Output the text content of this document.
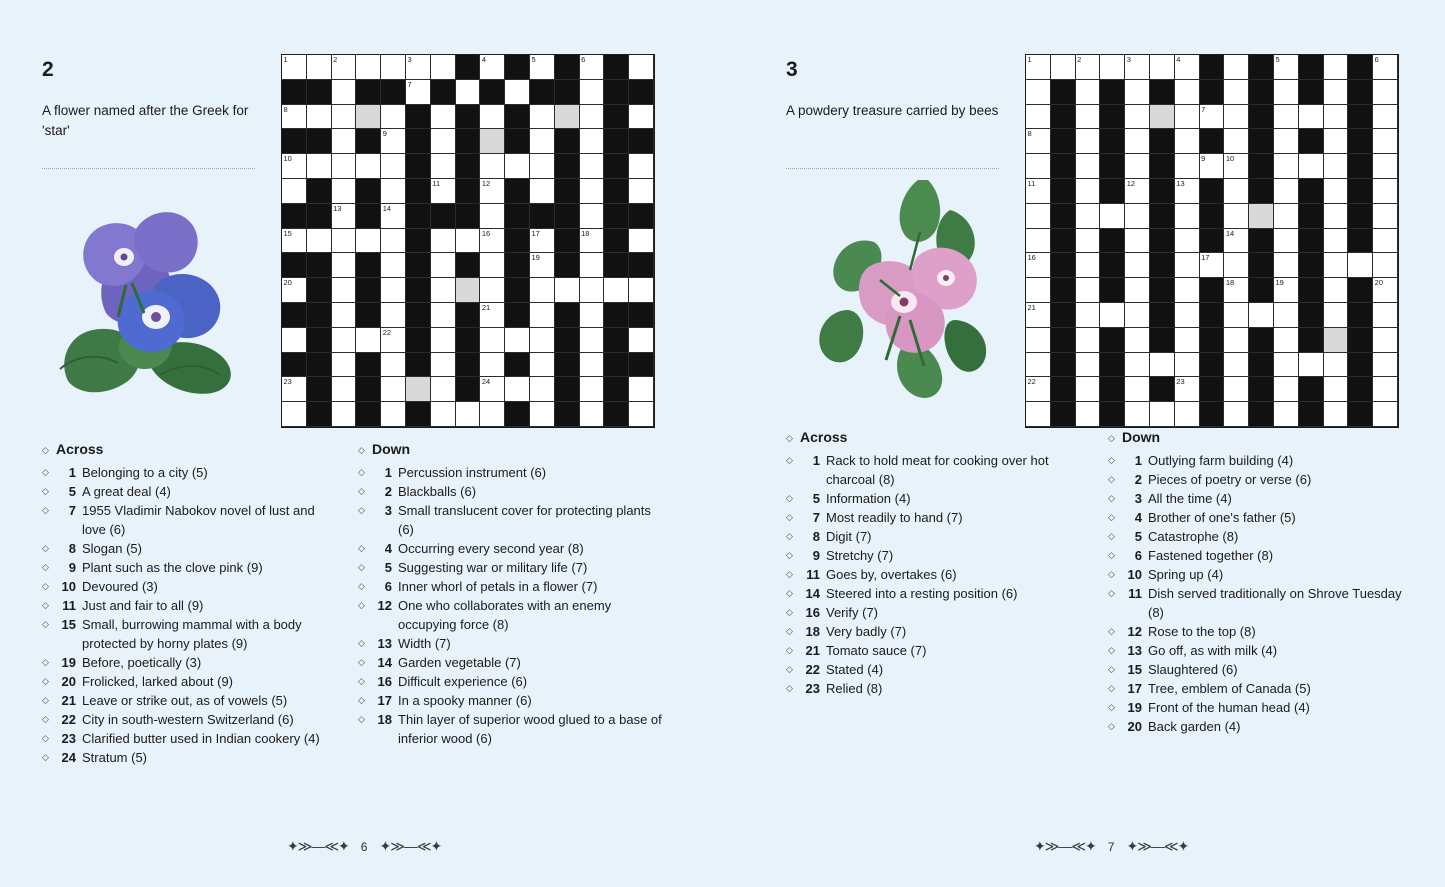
2
A flower named after the Greek for 'star'
1	2	3	4	5	6
7
8
9
10
11	12
13	14
15	16	17	18
19
20
21
22
23	24
◇ Across
◇	1 Belonging to a city (5)
◇	5 A great deal (4)
◇	7 1955 Vladimir Nabokov novel of lust and love (6)
◇	8 Slogan (5)
◇	9 Plant such as the clove pink (9)
◇ 10 Devoured (3)
◇	11 Just and fair to all (9)
◇ 15 Small, burrowing mammal with a body protected by horny plates (9)
◇ 19 Before, poetically (3)
◇ 20 Frolicked, larked about (9)
◇ 21 Leave or strike out, as of vowels (5)
◇ 22 City in south-western Switzerland (6)
◇ 23 Clarified butter used in Indian cookery (4)
◇ 24 Stratum (5)
◇ Down
◇	1 Percussion instrument (6)
◇	2 Blackballs (6)
◇	3 Small translucent cover for protecting plants (6)
◇	4 Occurring every second year (8)
◇	5 Suggesting war or military life (7)
◇	6 Inner whorl of petals in a flower (7)
◇ 12 One who collaborates with an enemy occupying force (8)
◇ 13 Width (7)
◇ 14 Garden vegetable (7)
◇ 16 Difficult experience (6)
◇ 17 In a spooky manner (6)
◇ 18 Thin layer of superior wood glued to a base of inferior wood (6)
✦≫—≪✦ 6 ✦≫—≪✦
3
A powdery treasure carried by bees
1	2	3	4	5	6
7
8
9	10
11	12	13
14
16	17
18	19	20
21
22	23
◇ Across
◇	1 Rack to hold meat for cooking over hot charcoal (8)
◇	5 Information (4)
◇	7 Most readily to hand (7)
◇	8 Digit (7)
◇	9 Stretchy (7)
◇	11 Goes by, overtakes (6)
◇ 14 Steered into a resting position (6)
◇ 16 Verify (7)
◇ 18 Very badly (7)
◇ 21 Tomato sauce (7)
◇ 22 Stated (4)
◇ 23 Relied (8)
◇ Down
◇	1 Outlying farm building (4)
◇	2 Pieces of poetry or verse (6)
◇	3 All the time (4)
◇	4 Brother of one's father (5)
◇	5 Catastrophe (8)
◇	6 Fastened together (8)
◇ 10 Spring up (4)
◇	11 Dish served traditionally on Shrove Tuesday (8)
◇ 12 Rose to the top (8)
◇ 13 Go off, as with milk (4)
◇ 15 Slaughtered (6)
◇ 17 Tree, emblem of Canada (5)
◇ 19 Front of the human head (4)
◇ 20 Back garden (4)
✦≫—≪✦ 7 ✦≫—≪✦
